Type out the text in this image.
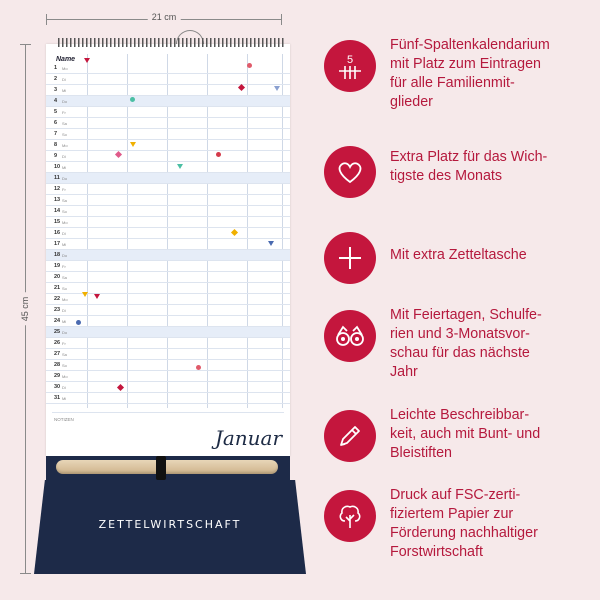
21 cm
45 cm
Name
1 Mo
2 Di
3 Mi
4 Do
5 Fr
6 Sa
7 So
8 Mo
9 Di
10 Mi
11 Do
12 Fr
13 Sa
14 So
15 Mo
16 Di
17 Mi
18 Do
19 Fr
20 Sa
21 So
22 Mo
23 Di
24 Mi
25 Do
26 Fr
27 Sa
28 So
29 Mo
30 Di
31 Mi
NOTIZEN
Januar
ZETTELWIRTSCHAFT
5
Fünf-Spaltenkalendarium
mit Platz zum Eintragen
für alle Familienmit-
glieder
Extra Platz für das Wich-
tigste des Monats
Mit extra Zetteltasche
Mit Feiertagen, Schulfe-
rien und 3-Monatsvor-
schau für das nächste
Jahr
Leichte Beschreibbar-
keit, auch mit Bunt- und
Bleistiften
Druck auf FSC-zerti-
fiziertem Papier zur
Förderung nachhaltiger
Forstwirtschaft
